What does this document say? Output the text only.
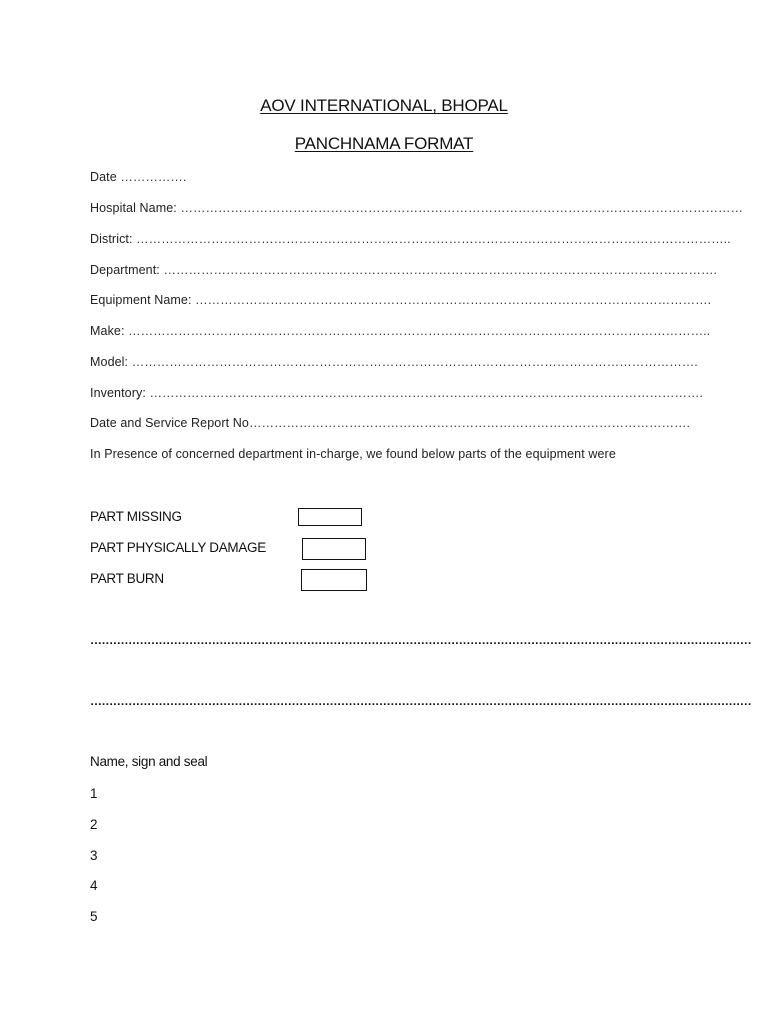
AOV INTERNATIONAL, BHOPAL
PANCHNAMA FORMAT
Date …………….
Hospital Name: ………………………………………………………………………………………………………………………
District: ……………………………………………………………………………………………………………………………..
Department: …………………………………………………………………………………………………………………….
Equipment Name: …………………………………………………………………………………………………………….
Make: …………………………………………………………………………………………………………………………..
Model: ……………………………………………………………………………………………………………………….
Inventory: …………………………………………………………………………………………………………………….
Date and Service Report No…………………………………………………………………………………………….
In Presence of concerned department in-charge, we found below parts of the equipment were
PART MISSING
PART PHYSICALLY DAMAGE
PART BURN
…………………………………………………………………………………………………………………………………………………………
…………………………………………………………………………………………………………………………………………………………
Name, sign and seal
1
2
3
4
5
